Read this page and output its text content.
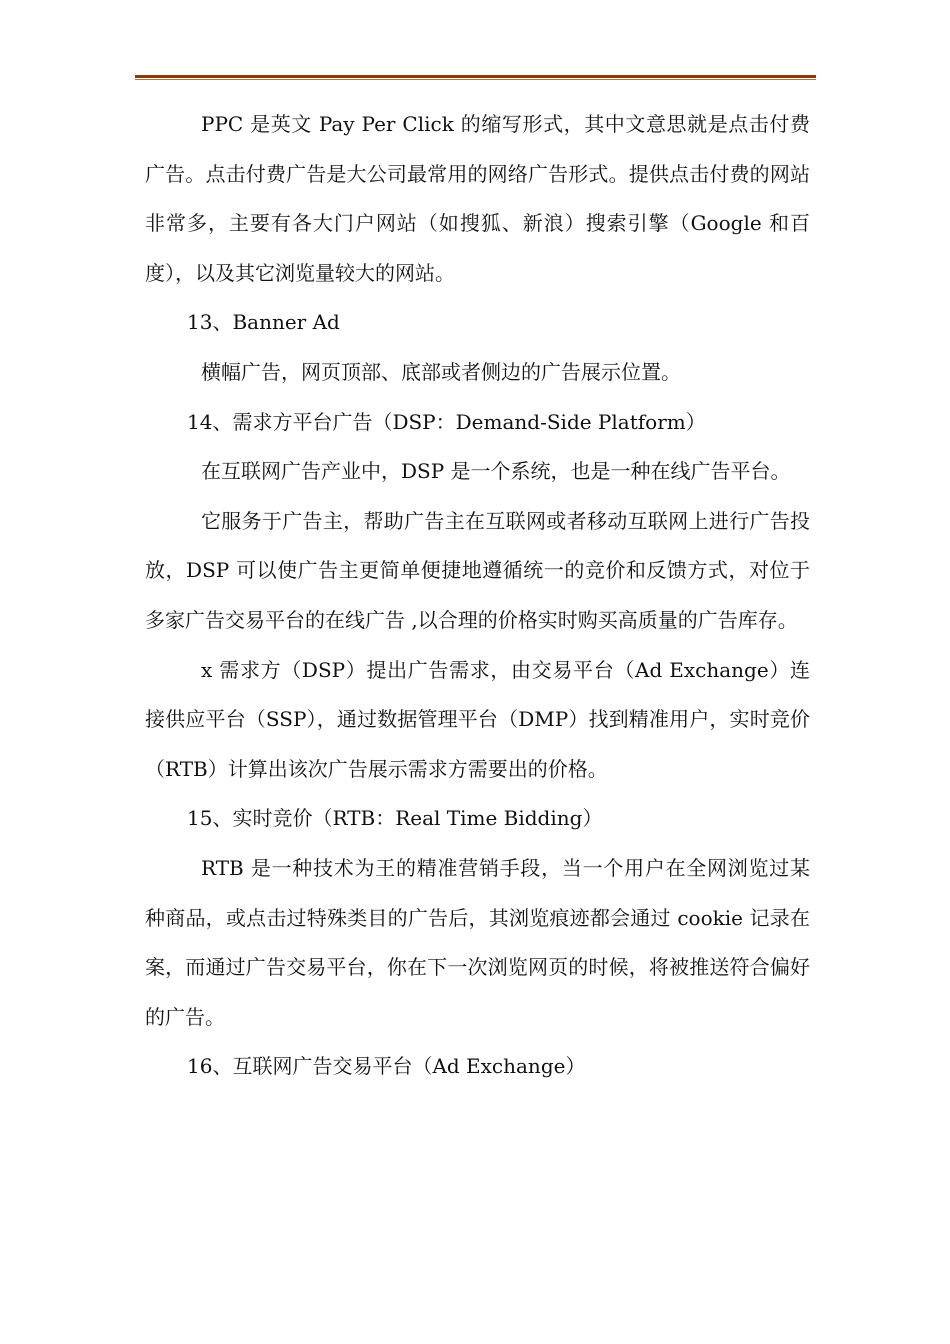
PPC 是英文 Pay Per Click 的缩写形式，其中文意思就是点击付费广告。点击付费广告是大公司最常用的网络广告形式。提供点击付费的网站非常多，主要有各大门户网站（如搜狐、新浪）搜索引擎（Google 和百度），以及其它浏览量较大的网站。

13、Banner Ad

横幅广告，网页顶部、底部或者侧边的广告展示位置。

14、需求方平台广告（DSP：Demand-Side Platform）

在互联网广告产业中，DSP 是一个系统，也是一种在线广告平台。

它服务于广告主，帮助广告主在互联网或者移动互联网上进行广告投放，DSP 可以使广告主更简单便捷地遵循统一的竞价和反馈方式，对位于多家广告交易平台的在线广告 ,以合理的价格实时购买高质量的广告库存。

x 需求方（DSP）提出广告需求，由交易平台（Ad Exchange）连接供应平台（SSP），通过数据管理平台（DMP）找到精准用户，实时竞价（RTB）计算出该次广告展示需求方需要出的价格。

15、实时竞价（RTB：Real Time Bidding）

RTB 是一种技术为王的精准营销手段，当一个用户在全网浏览过某种商品，或点击过特殊类目的广告后，其浏览痕迹都会通过 cookie 记录在案，而通过广告交易平台，你在下一次浏览网页的时候，将被推送符合偏好的广告。

16、互联网广告交易平台（Ad Exchange）
